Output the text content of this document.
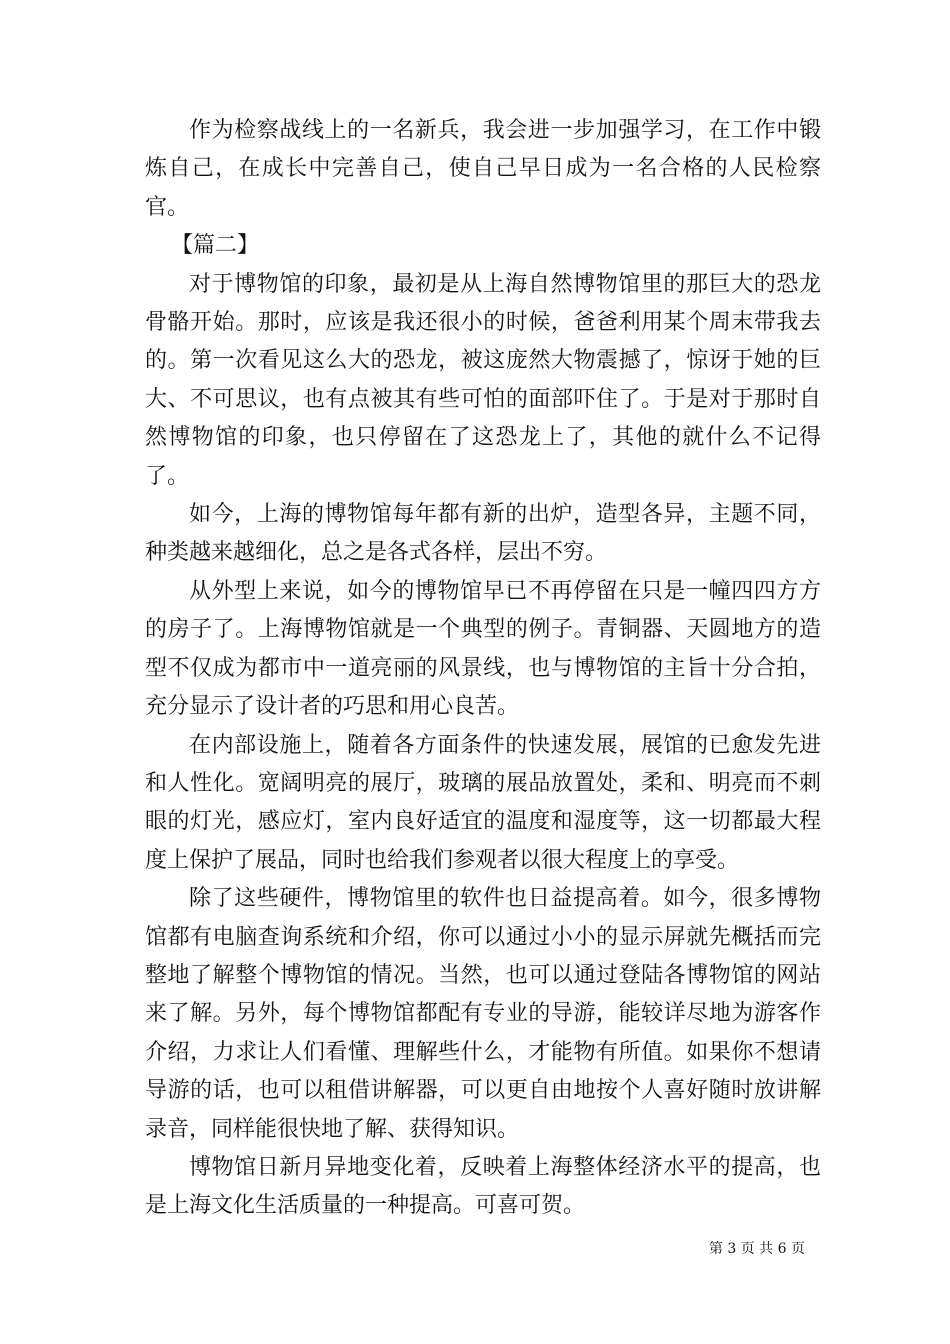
作为检察战线上的一名新兵，我会进一步加强学习，在工作中锻炼自己，在成长中完善自己，使自己早日成为一名合格的人民检察官。

【篇二】

对于博物馆的印象，最初是从上海自然博物馆里的那巨大的恐龙骨骼开始。那时，应该是我还很小的时候，爸爸利用某个周末带我去的。第一次看见这么大的恐龙，被这庞然大物震撼了，惊讶于她的巨大、不可思议，也有点被其有些可怕的面部吓住了。于是对于那时自然博物馆的印象，也只停留在了这恐龙上了，其他的就什么不记得了。

如今，上海的博物馆每年都有新的出炉，造型各异，主题不同，种类越来越细化，总之是各式各样，层出不穷。

从外型上来说，如今的博物馆早已不再停留在只是一幢四四方方的房子了。上海博物馆就是一个典型的例子。青铜器、天圆地方的造型不仅成为都市中一道亮丽的风景线，也与博物馆的主旨十分合拍，充分显示了设计者的巧思和用心良苦。

在内部设施上，随着各方面条件的快速发展，展馆的已愈发先进和人性化。宽阔明亮的展厅，玻璃的展品放置处，柔和、明亮而不刺眼的灯光，感应灯，室内良好适宜的温度和湿度等，这一切都最大程度上保护了展品，同时也给我们参观者以很大程度上的享受。

除了这些硬件，博物馆里的软件也日益提高着。如今，很多博物馆都有电脑查询系统和介绍，你可以通过小小的显示屏就先概括而完整地了解整个博物馆的情况。当然，也可以通过登陆各博物馆的网站来了解。另外，每个博物馆都配有专业的导游，能较详尽地为游客作介绍，力求让人们看懂、理解些什么，才能物有所值。如果你不想请导游的话，也可以租借讲解器，可以更自由地按个人喜好随时放讲解录音，同样能很快地了解、获得知识。

博物馆日新月异地变化着，反映着上海整体经济水平的提高，也是上海文化生活质量的一种提高。可喜可贺。

第 3 页 共 6 页
